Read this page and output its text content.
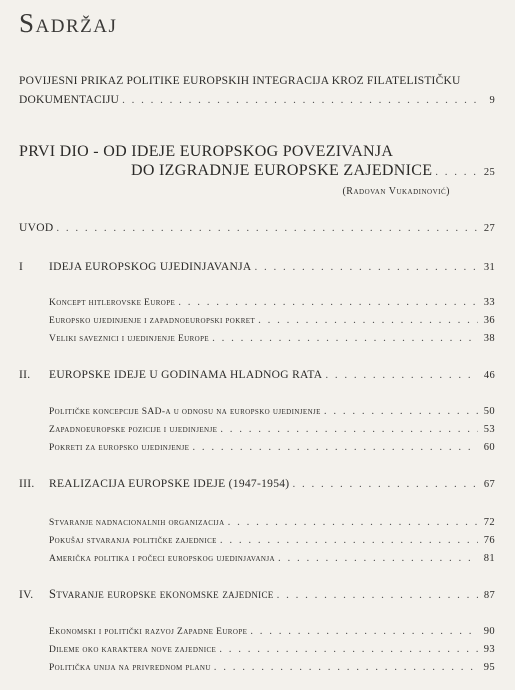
Sadržaj
POVIJESNI PRIKAZ POLITIKE EUROPSKIH INTEGRACIJA KROZ FILATELISTIČKU
DOKUMENTACIJU . . .	9
PRVI DIO - OD IDEJE EUROPSKOG POVEZIVANJA
DO IZGRADNJE EUROPSKE ZAJEDNICE . . .	25
(Radovan Vukadinović)
UVOD . . .	27
I	IDEJA EUROPSKOG UJEDINJAVANJA . . .	31
Koncept hitlerovske Europe . . .	33
Europsko ujedinjenje i zapadnoeuropski pokret . . .	36
Veliki saveznici i ujedinjenje Europe . . .	38
II.	EUROPSKE IDEJE U GODINAMA HLADNOG RATA . . .	46
Političke koncepcije SAD-a u odnosu na europsko ujedinjenje . . .	50
Zapadnoeuropske pozicije i ujedinjenje . . .	53
Pokreti za europsko ujedinjenje . . .	60
III.	REALIZACIJA EUROPSKE IDEJE (1947-1954) . . .	67
Stvaranje nadnacionalnih organizacija . . .	72
Pokušaj stvaranja političke zajednice . . .	76
Američka politika i počeci europskog ujedinjavanja . . .	81
IV.	Stvaranje europske ekonomske zajednice . . .	87
Ekonomski i politički razvoj Zapadne Europe . . .	90
Dileme oko karaktera nove zajednice . . .	93
Politička unija na privrednom planu . . .	95
